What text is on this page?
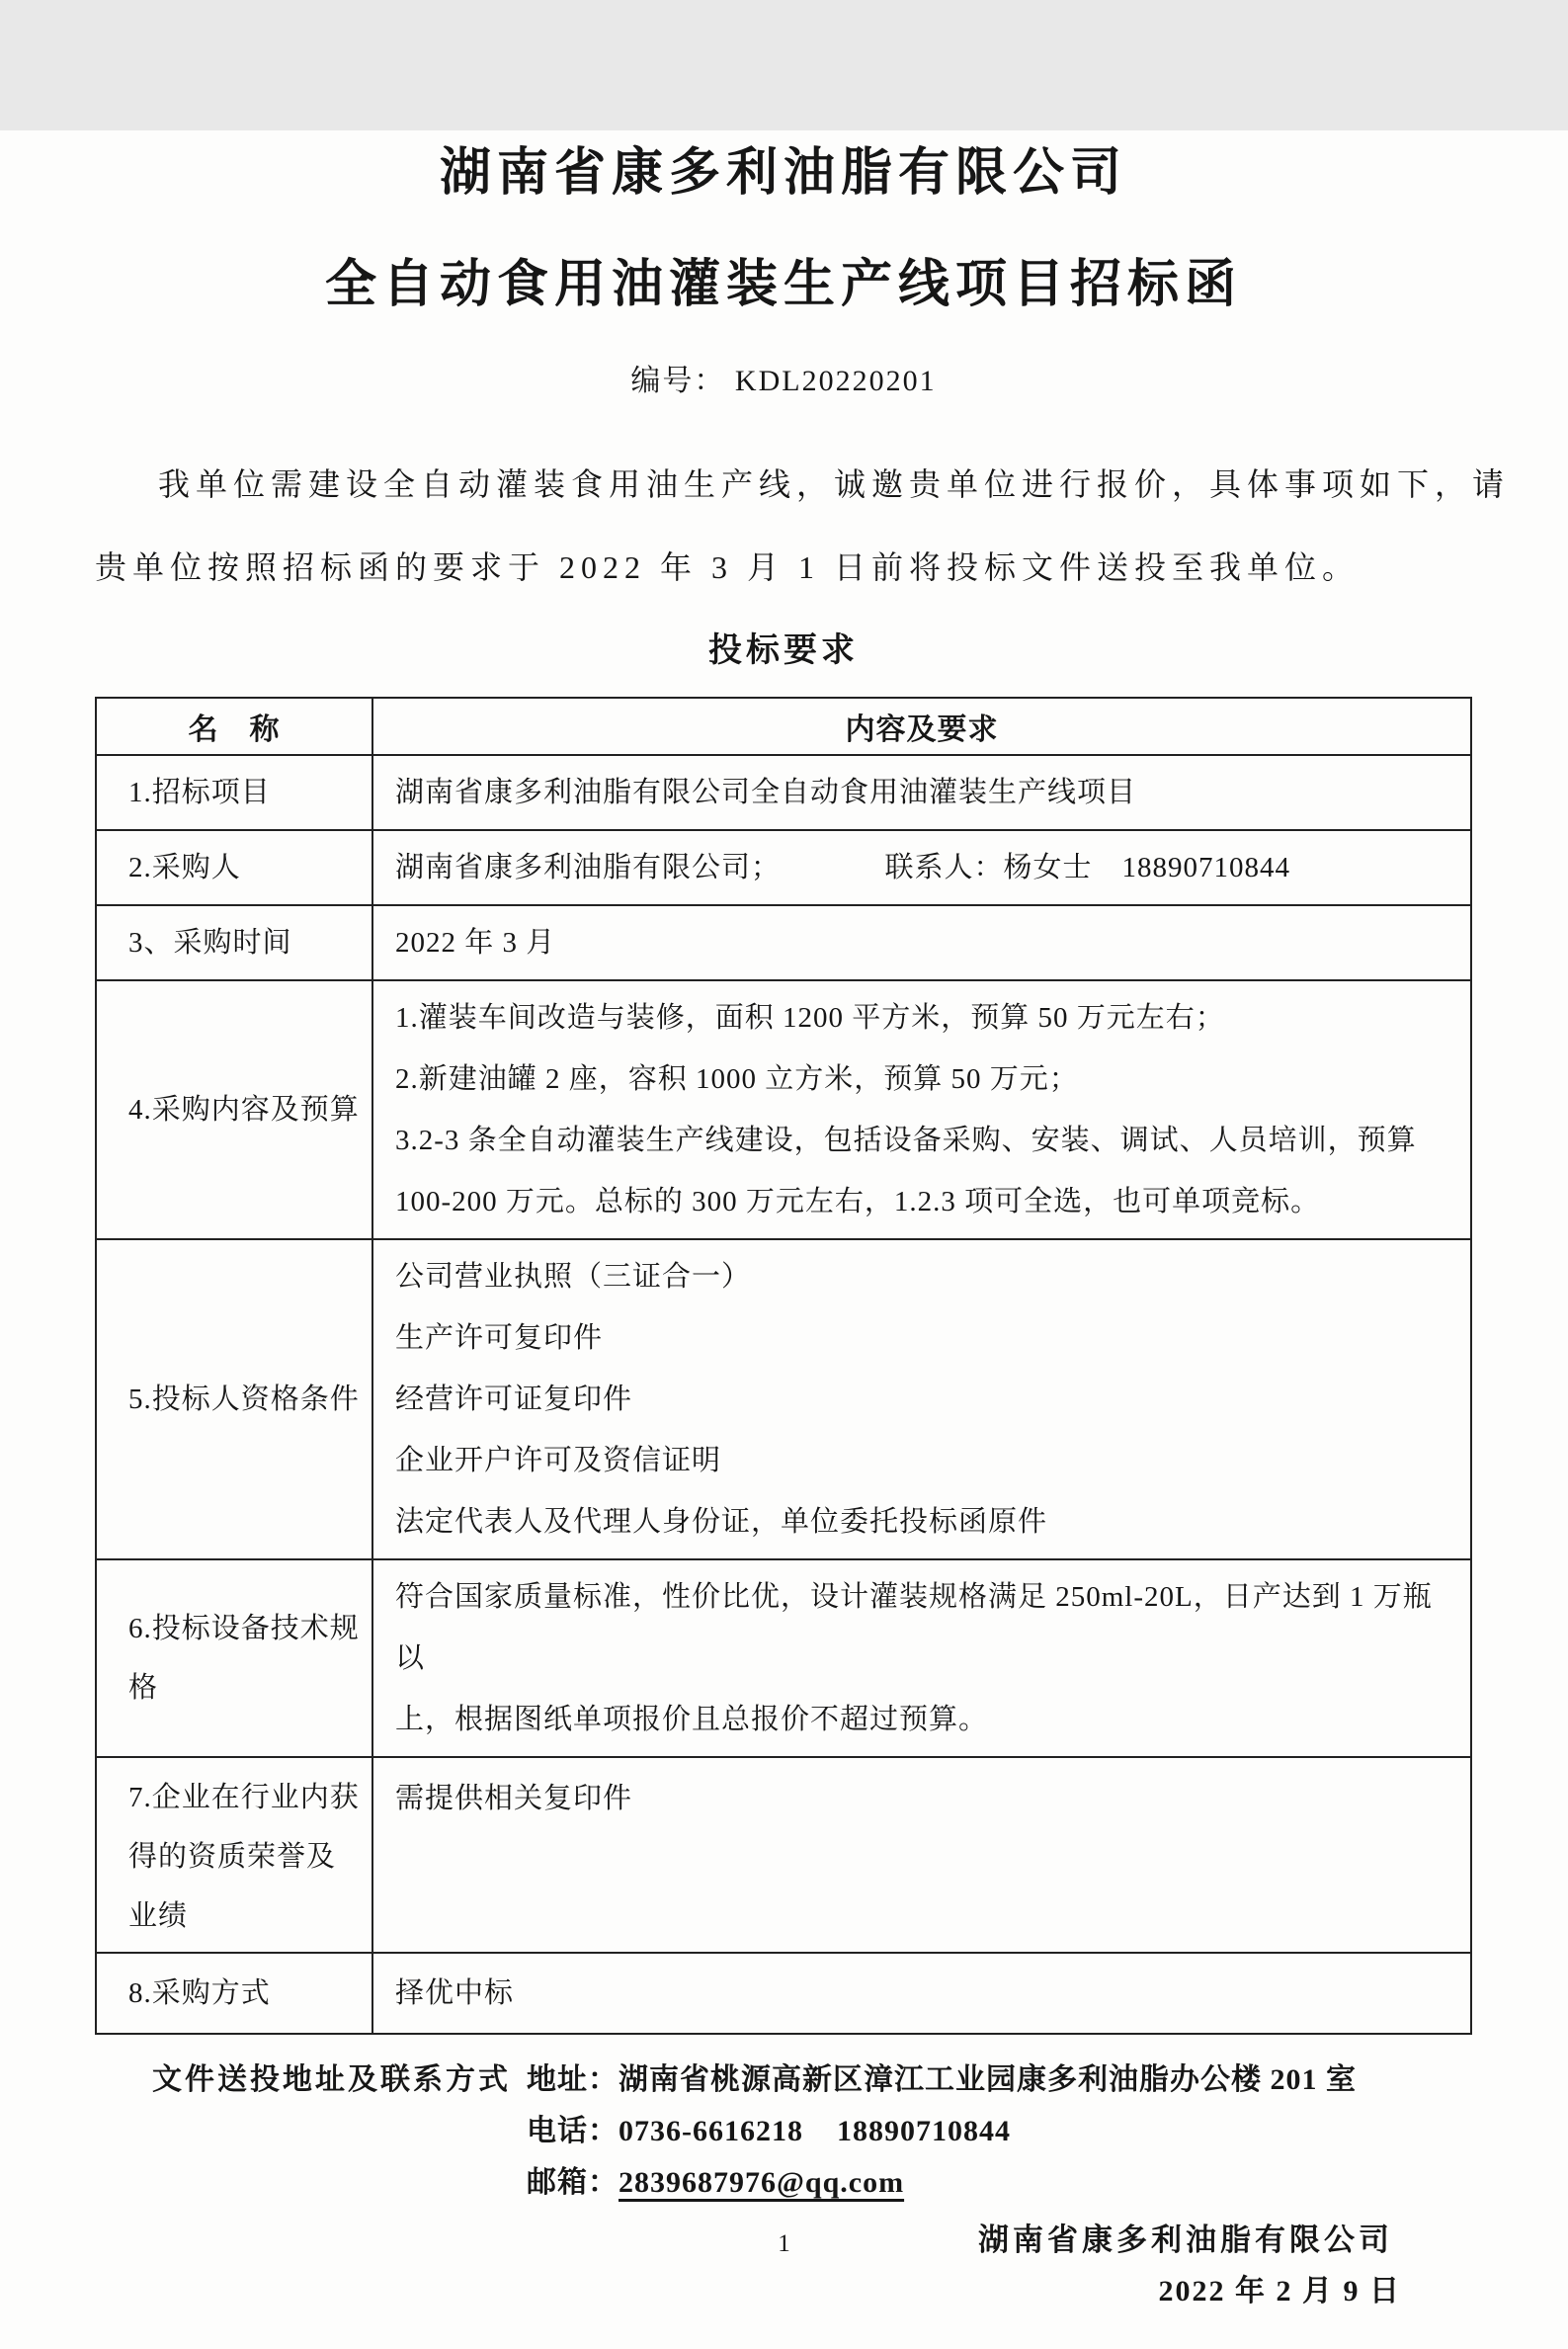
湖南省康多利油脂有限公司
全自动食用油灌装生产线项目招标函
编号： KDL20220201
我单位需建设全自动灌装食用油生产线，诚邀贵单位进行报价，具体事项如下，请
贵单位按照招标函的要求于 2022 年 3 月 1 日前将投标文件送投至我单位。
投标要求
名　称	内容及要求
1.招标项目	湖南省康多利油脂有限公司全自动食用油灌装生产线项目

2.采购人	湖南省康多利油脂有限公司；　　　　联系人：杨女士　18890710844

3、采购时间	2022 年 3 月

4.采购内容及预算	1.灌装车间改造与装修，面积 1200 平方米，预算 50 万元左右；
2.新建油罐 2 座，容积 1000 立方米，预算 50 万元；
3.2-3 条全自动灌装生产线建设，包括设备采购、安装、调试、人员培训，预算
100-200 万元。总标的 300 万元左右，1.2.3 项可全选，也可单项竞标。

5.投标人资格条件	公司营业执照（三证合一）
生产许可复印件
经营许可证复印件
企业开户许可及资信证明
法定代表人及代理人身份证，单位委托投标函原件

6.投标设备技术规格	符合国家质量标准，性价比优，设计灌装规格满足 250ml-20L，日产达到 1 万瓶以
上，根据图纸单项报价且总报价不超过预算。

7.企业在行业内获得的资质荣誉及业绩	需提供相关复印件

8.采购方式	择优中标
文件送投地址及联系方式 地址：湖南省桃源高新区漳江工业园康多利油脂办公楼 201 室
电话：0736-6616218    18890710844
邮箱：2839687976@qq.com
湖南省康多利油脂有限公司
2022 年 2 月 9 日
1
